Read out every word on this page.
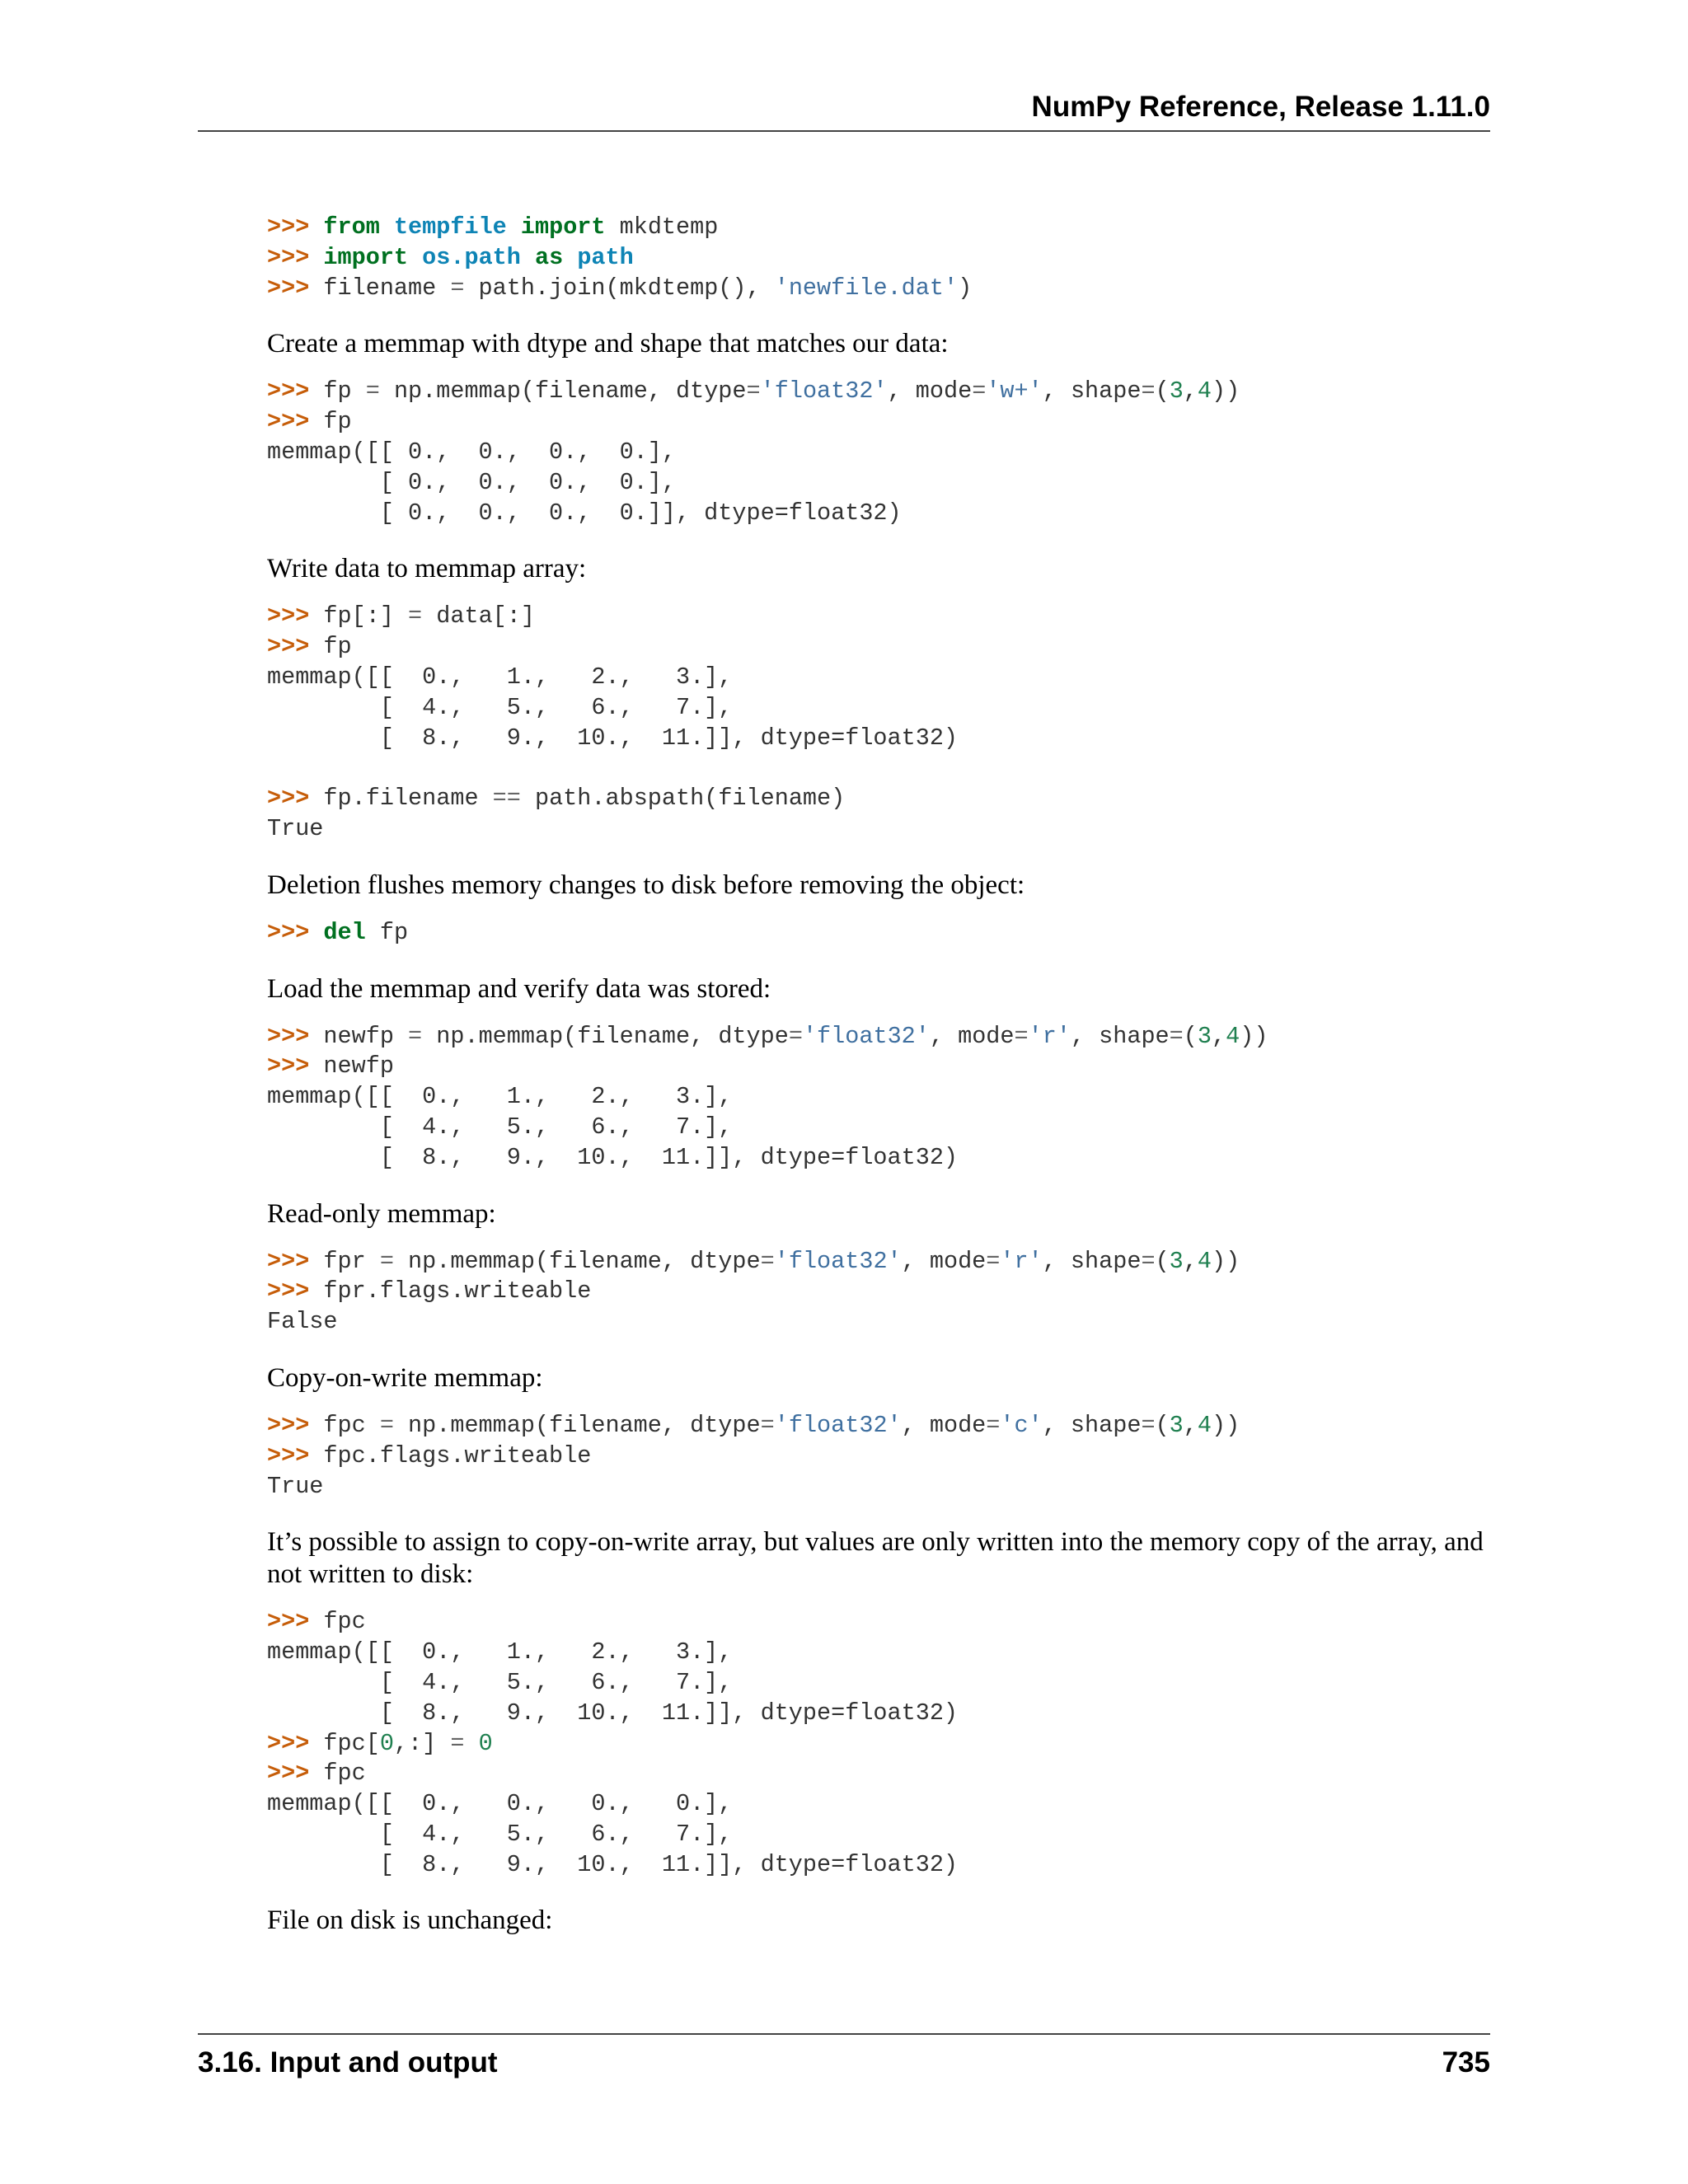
NumPy Reference, Release 1.11.0
>>> from tempfile import mkdtemp
>>> import os.path as path
>>> filename = path.join(mkdtemp(), 'newfile.dat')

Create a memmap with dtype and shape that matches our data:

>>> fp = np.memmap(filename, dtype='float32', mode='w+', shape=(3,4))
>>> fp
memmap([[ 0.,  0.,  0.,  0.],
[ 0.,  0.,  0.,  0.],
[ 0.,  0.,  0.,  0.]], dtype=float32)

Write data to memmap array:

>>> fp[:] = data[:]
>>> fp
memmap([[  0.,   1.,   2.,   3.],
[  4.,   5.,   6.,   7.],
[  8.,   9.,  10.,  11.]], dtype=float32)
>>> fp.filename == path.abspath(filename)
True

Deletion flushes memory changes to disk before removing the object:

>>> del fp

Load the memmap and verify data was stored:

>>> newfp = np.memmap(filename, dtype='float32', mode='r', shape=(3,4))
>>> newfp
memmap([[  0.,   1.,   2.,   3.],
[  4.,   5.,   6.,   7.],
[  8.,   9.,  10.,  11.]], dtype=float32)

Read-only memmap:

>>> fpr = np.memmap(filename, dtype='float32', mode='r', shape=(3,4))
>>> fpr.flags.writeable
False

Copy-on-write memmap:

>>> fpc = np.memmap(filename, dtype='float32', mode='c', shape=(3,4))
>>> fpc.flags.writeable
True

It’s possible to assign to copy-on-write array, but values are only written into the memory copy of the array, and not written to disk:

>>> fpc
memmap([[  0.,   1.,   2.,   3.],
[  4.,   5.,   6.,   7.],
[  8.,   9.,  10.,  11.]], dtype=float32)
>>> fpc[0,:] = 0
>>> fpc
memmap([[  0.,   0.,   0.,   0.],
[  4.,   5.,   6.,   7.],
[  8.,   9.,  10.,  11.]], dtype=float32)

File on disk is unchanged:

3.16. Input and output	735
